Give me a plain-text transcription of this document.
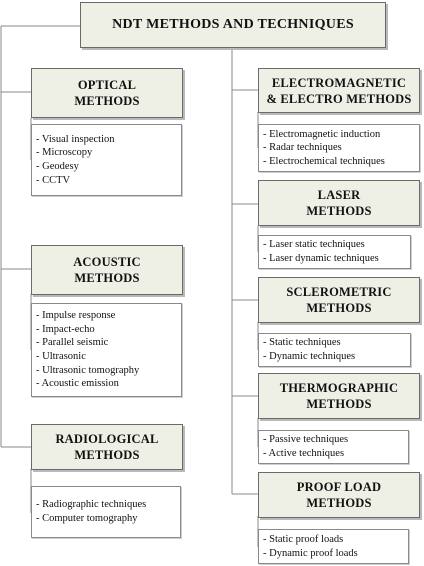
NDT METHODS AND TECHNIQUES
OPTICAL
METHODS
- Visual inspection
- Microscopy
- Geodesy
- CCTV
ACOUSTIC
METHODS
- Impulse response
- Impact-echo
- Parallel seismic
- Ultrasonic
- Ultrasonic tomography
- Acoustic emission
RADIOLOGICAL
METHODS
- Radiographic techniques
- Computer tomography
ELECTROMAGNETIC
& ELECTRO METHODS
- Electromagnetic induction
- Radar techniques
- Electrochemical techniques
LASER
METHODS
- Laser static techniques
- Laser dynamic techniques
SCLEROMETRIC
METHODS
- Static techniques
- Dynamic techniques
THERMOGRAPHIC
METHODS
- Passive techniques
- Active techniques
PROOF LOAD
METHODS
- Static proof loads
- Dynamic proof loads
